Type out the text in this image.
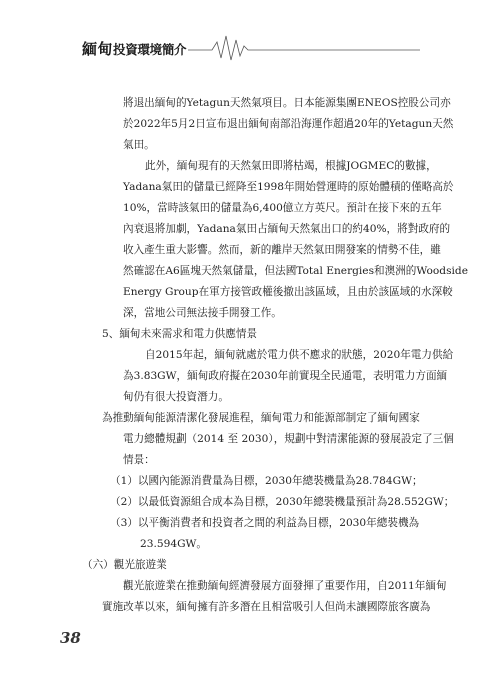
緬甸投資環境簡介
將退出緬甸的Yetagun天然氣項目。日本能源集團ENEOS控股公司亦
於2022年5月2日宣布退出緬甸南部沿海運作超過20年的Yetagun天然
氣田。
此外，緬甸現有的天然氣田即將枯竭，根據JOGMEC的數據，
Yadana氣田的儲量已經降至1998年開始營運時的原始體積的僅略高於
10%，當時該氣田的儲量為6,400億立方英尺。預計在接下來的五年
內衰退將加劇，Yadana氣田占緬甸天然氣出口的約40%，將對政府的
收入產生重大影響。然而，新的離岸天然氣田開發案的情勢不佳，雖
然確認在A6區塊天然氣儲量，但法國Total Energies和澳洲的Woodside
Energy Group在軍方接管政權後撤出該區域，且由於該區域的水深較
深，當地公司無法接手開發工作。
5、緬甸未來需求和電力供應情景
自2015年起，緬甸就處於電力供不應求的狀態，2020年電力供給
為3.83GW，緬甸政府擬在2030年前實現全民通電，表明電力方面緬
甸仍有很大投資潛力。
為推動緬甸能源清潔化發展進程，緬甸電力和能源部制定了緬甸國家
電力總體規劃（2014 至 2030），規劃中對清潔能源的發展設定了三個
情景：
（1）以國內能源消費量為目標，2030年總裝機量為28.784GW；
（2）以最低資源組合成本為目標，2030年總裝機量預計為28.552GW；
（3）以平衡消費者和投資者之間的利益為目標，2030年總裝機為
23.594GW。
（六）觀光旅遊業
觀光旅遊業在推動緬甸經濟發展方面發揮了重要作用，自2011年緬甸
實施改革以來，緬甸擁有許多潛在且相當吸引人但尚未讓國際旅客廣為
38
